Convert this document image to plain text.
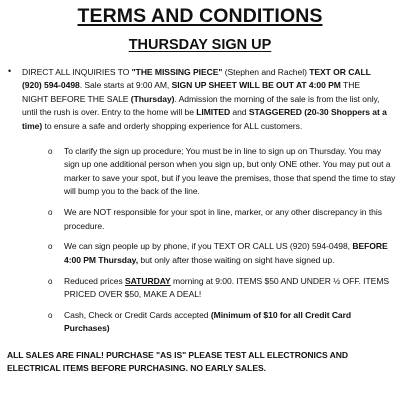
TERMS AND CONDITIONS
THURSDAY SIGN UP
• DIRECT ALL INQUIRIES TO "THE MISSING PIECE" (Stephen and Rachel) TEXT OR CALL (920) 594-0498. Sale starts at 9:00 AM, SIGN UP SHEET WILL BE OUT AT 4:00 PM THE NIGHT BEFORE THE SALE (Thursday). Admission the morning of the sale is from the list only, until the rush is over. Entry to the home will be LIMITED and STAGGERED (20-30 Shoppers at a time) to ensure a safe and orderly shopping experience for ALL customers.
o To clarify the sign up procedure; You must be in line to sign up on Thursday. You may sign up one additional person when you sign up, but only ONE other. You may put out a marker to save your spot, but if you leave the premises, those that spend the time to stay will bump you to the back of the line.
o We are NOT responsible for your spot in line, marker, or any other discrepancy in this procedure.
o We can sign people up by phone, if you TEXT OR CALL US (920) 594-0498, BEFORE 4:00 PM Thursday, but only after those waiting on sight have signed up.
o Reduced prices SATURDAY morning at 9:00. ITEMS $50 AND UNDER ½ OFF. ITEMS PRICED OVER $50, MAKE A DEAL!
o Cash, Check or Credit Cards accepted (Minimum of $10 for all Credit Card Purchases)
ALL SALES ARE FINAL! PURCHASE "AS IS" PLEASE TEST ALL ELECTRONICS AND ELECTRICAL ITEMS BEFORE PURCHASING. NO EARLY SALES.
